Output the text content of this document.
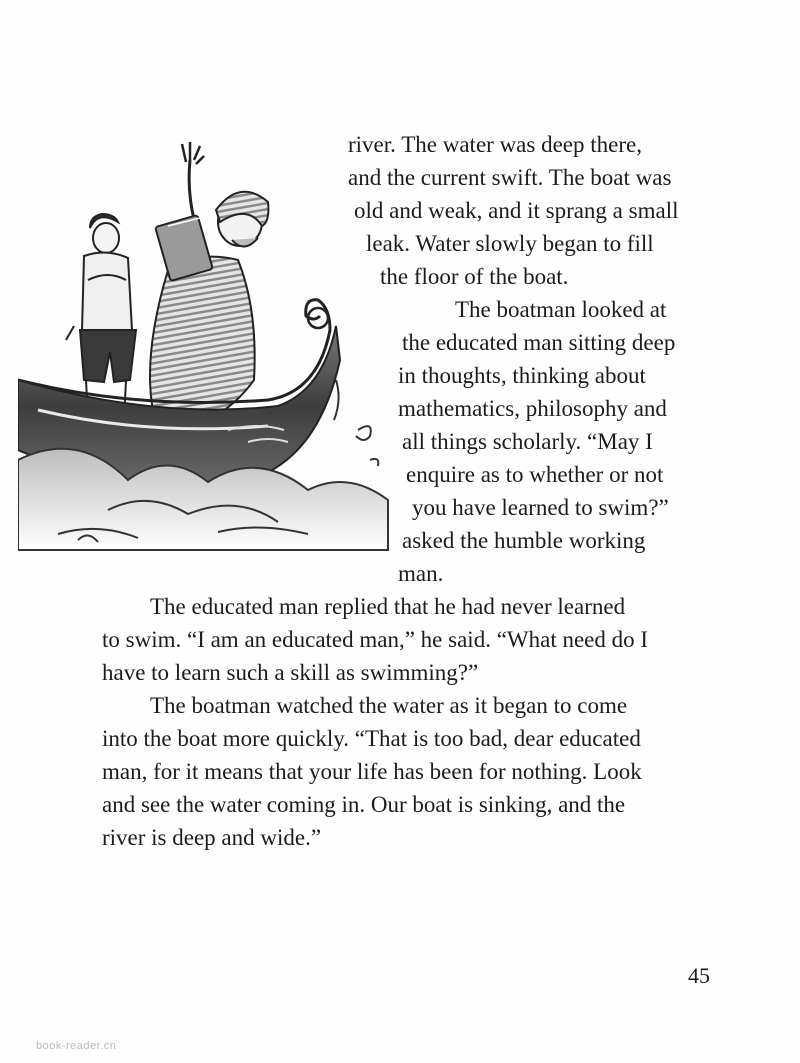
river. The water was deep there,
and the current swift. The boat was
old and weak, and it sprang a small
leak. Water slowly began to fill
the floor of the boat.
The boatman looked at
the educated man sitting deep
in thoughts, thinking about
mathematics, philosophy and
all things scholarly. “May I
enquire as to whether or not
you have learned to swim?”
asked the humble working
man.
The educated man replied that he had never learned
to swim. “I am an educated man,” he said. “What need do I
have to learn such a skill as swimming?”
The boatman watched the water as it began to come
into the boat more quickly. “That is too bad, dear educated
man, for it means that your life has been for nothing. Look
and see the water coming in. Our boat is sinking, and the
river is deep and wide.”
45
book-reader.cn
